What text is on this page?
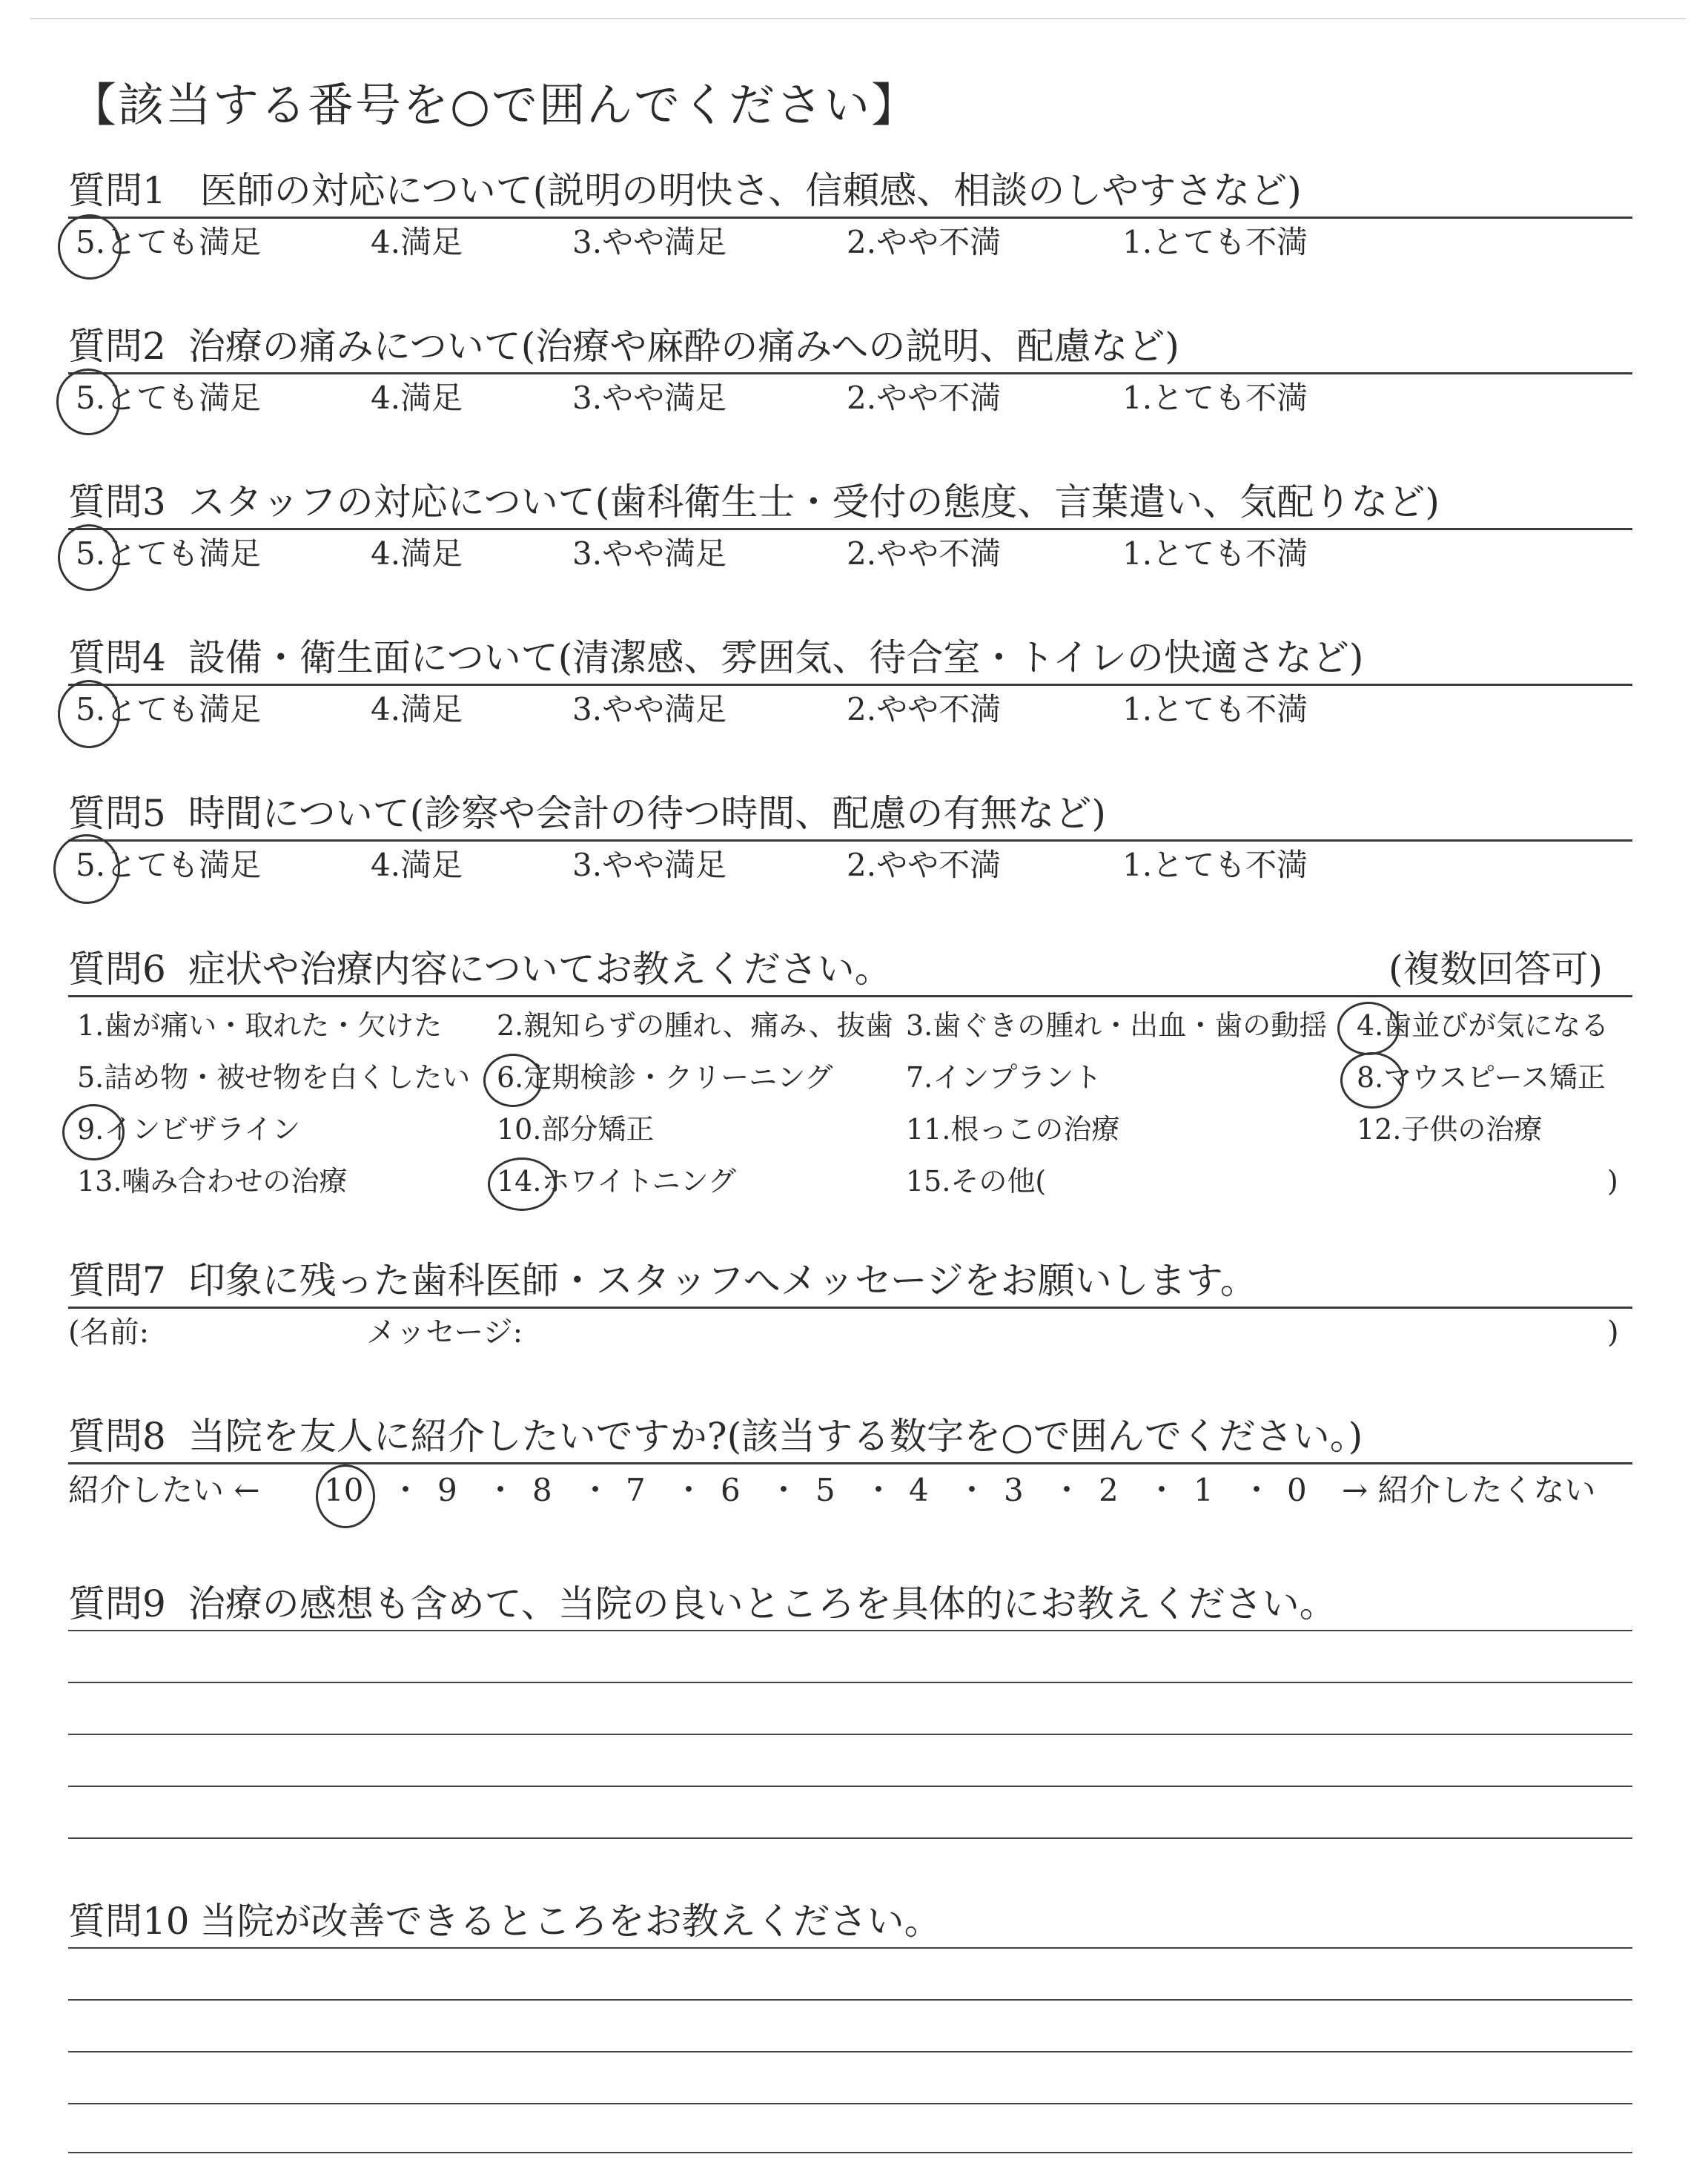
【該当する番号を○で囲んでください】
質問1 医師の対応について(説明の明快さ、信頼感、相談のしやすさなど)
5.とても満足	4.満足	3.やや満足	2.やや不満	1.とても不満
質問2 治療の痛みについて(治療や麻酔の痛みへの説明、配慮など)
5.とても満足	4.満足	3.やや満足	2.やや不満	1.とても不満
質問3 スタッフの対応について(歯科衛生士・受付の態度、言葉遣い、気配りなど)
5.とても満足	4.満足	3.やや満足	2.やや不満	1.とても不満
質問4 設備・衛生面について(清潔感、雰囲気、待合室・トイレの快適さなど)
5.とても満足	4.満足	3.やや満足	2.やや不満	1.とても不満
質問5 時間について(診察や会計の待つ時間、配慮の有無など)
5.とても満足	4.満足	3.やや満足	2.やや不満	1.とても不満
質問6 症状や治療内容についてお教えください。	(複数回答可)
1.歯が痛い・取れた・欠けた 2.親知らずの腫れ、痛み、抜歯 3.歯ぐきの腫れ・出血・歯の動揺 4.歯並びが気になる
5.詰め物・被せ物を白くしたい 6.定期検診・クリーニング	7.インプラント	8.マウスピース矯正
9.インビザライン	10.部分矯正	11.根っこの治療	12.子供の治療
13.噛み合わせの治療	14.ホワイトニング	15.その他(	)
質問7 印象に残った歯科医師・スタッフへメッセージをお願いします。
(名前:	メッセージ:	)
質問8 当院を友人に紹介したいですか?(該当する数字を○で囲んでください。)
紹介したい ← 10 ・ 9 ・ 8 ・ 7 ・ 6 ・ 5 ・ 4 ・ 3 ・ 2 ・ 1 ・ 0 → 紹介したくない
質問9 治療の感想も含めて、当院の良いところを具体的にお教えください。
質問10 当院が改善できるところをお教えください。
